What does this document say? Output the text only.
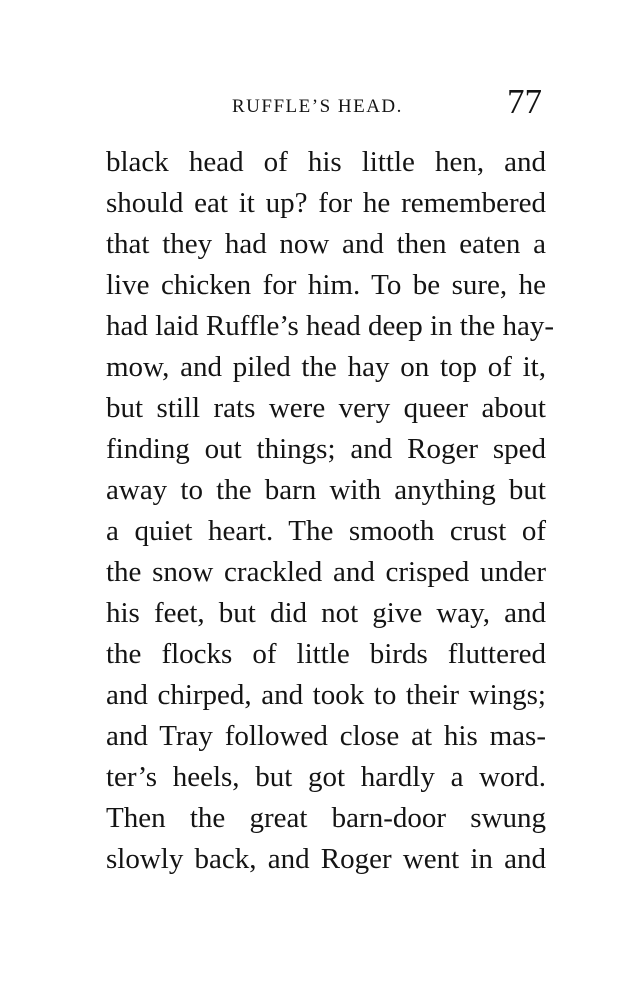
RUFFLE’S HEAD.	77
black head of his little hen, and
should eat it up? for he remembered
that they had now and then eaten a
live chicken for him. To be sure, he
had laid Ruffle’s head deep in the hay-
mow, and piled the hay on top of it,
but still rats were very queer about
finding out things; and Roger sped
away to the barn with anything but
a quiet heart. The smooth crust of
the snow crackled and crisped under
his feet, but did not give way, and
the flocks of little birds fluttered
and chirped, and took to their wings;
and Tray followed close at his mas-
ter’s heels, but got hardly a word.
Then the great barn-door swung
slowly back, and Roger went in and
